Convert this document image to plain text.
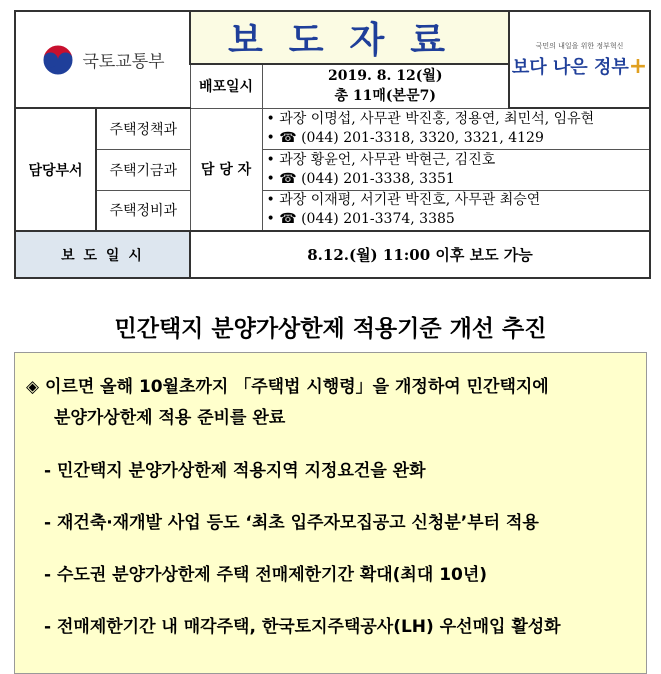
국토교통부		보도자료		국민의 내일을 위한 정부혁신
보다 나은 정부+

		배포일시	2019. 8. 12(월)
총 11매(본문7)	

담당부서	주택정책과	담 당 자	• 과장 이명섭, 사무관 박진홍, 정용연, 최민석, 임유현
• ☎ (044) 201-3318, 3320, 3321, 4129	

	주택기금과		• 과장 황윤언, 사무관 박현근, 김진호
• ☎ (044) 201-3338, 3351	

	주택정비과		• 과장 이재평, 서기관 박진호, 사무관 최승연
• ☎ (044) 201-3374, 3385	

보 도 일 시		8.12.(월) 11:00 이후 보도 가능		
민간택지 분양가상한제 적용기준 개선 추진
◈ 이르면 올해 10월초까지 「주택법 시행령」을 개정하여 민간택지에
분양가상한제 적용 준비를 완료
- 민간택지 분양가상한제 적용지역 지정요건을 완화
- 재건축·재개발 사업 등도 ‘최초 입주자모집공고 신청분’부터 적용
- 수도권 분양가상한제 주택 전매제한기간 확대(최대 10년)
- 전매제한기간 내 매각주택, 한국토지주택공사(LH) 우선매입 활성화
